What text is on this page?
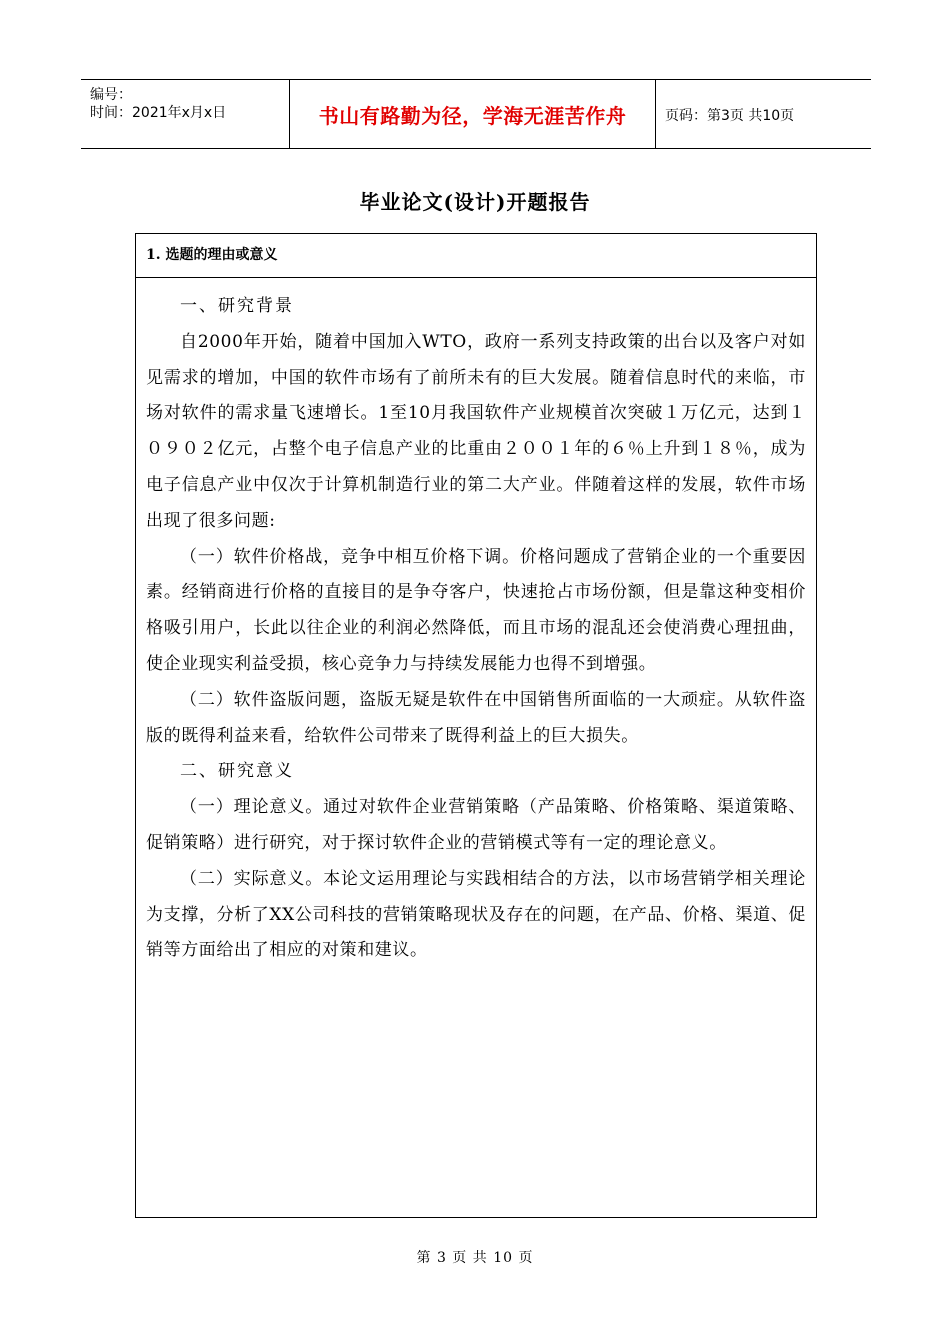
编号：
时间：2021年x月x日	书山有路勤为径，学海无涯苦作舟	页码：第3页 共10页
毕业论文(设计)开题报告
1. 选题的理由或意义

一、研究背景

自2000年开始，随着中国加入WTO，政府一系列支持政策的出台以及客户对如见需求的增加，中国的软件市场有了前所未有的巨大发展。随着信息时代的来临，市场对软件的需求量飞速增长。1至10月我国软件产业规模首次突破１万亿元，达到１０９０２亿元，占整个电子信息产业的比重由２００１年的６％上升到１８％，成为电子信息产业中仅次于计算机制造行业的第二大产业。伴随着这样的发展，软件市场出现了很多问题:

（一）软件价格战，竞争中相互价格下调。价格问题成了营销企业的一个重要因素。经销商进行价格的直接目的是争夺客户，快速抢占市场份额，但是靠这种变相价格吸引用户，长此以往企业的利润必然降低，而且市场的混乱还会使消费心理扭曲，使企业现实利益受损，核心竞争力与持续发展能力也得不到增强。

（二）软件盗版问题，盗版无疑是软件在中国销售所面临的一大顽症。从软件盗版的既得利益来看，给软件公司带来了既得利益上的巨大损失。

二、研究意义

（一）理论意义。通过对软件企业营销策略（产品策略、价格策略、渠道策略、促销策略）进行研究，对于探讨软件企业的营销模式等有一定的理论意义。

（二）实际意义。本论文运用理论与实践相结合的方法，以市场营销学相关理论为支撑，分析了XX公司科技的营销策略现状及存在的问题，在产品、价格、渠道、促销等方面给出了相应的对策和建议。

第 3 页 共 10 页
